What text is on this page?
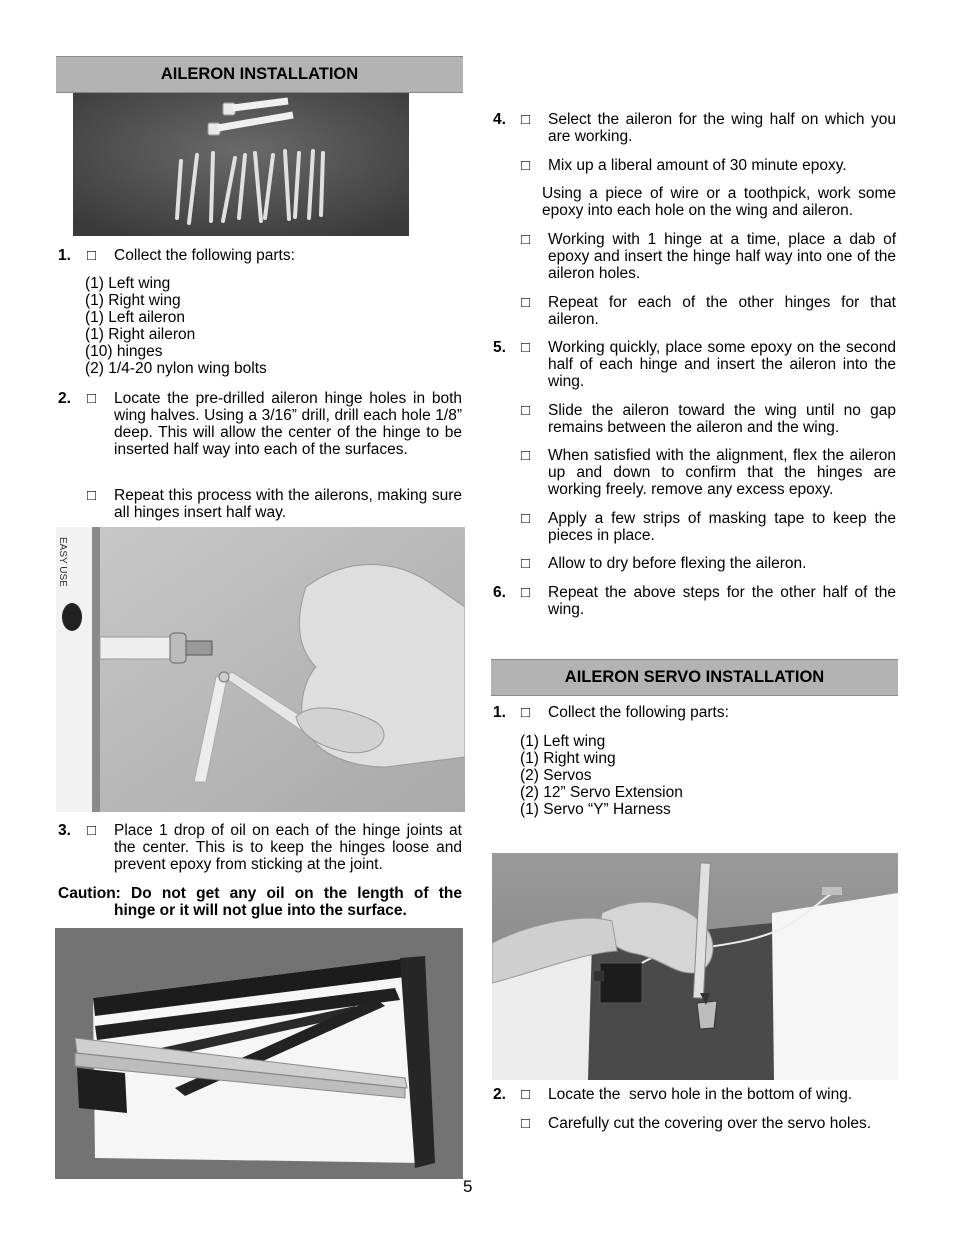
AILERON INSTALLATION
1. □ Collect the following parts:
(1) Left wing
(1) Right wing
(1) Left aileron
(1) Right aileron
(10) hinges
(2) 1/4-20 nylon wing bolts
2. □ Locate the pre-drilled aileron hinge holes in both wing halves. Using a 3/16” drill, drill each hole 1/8” deep. This will allow the center of the hinge to be inserted half way into each of the surfaces.
□ Repeat this process with the ailerons, making sure all hinges insert half way.
EASY USE
3. □ Place 1 drop of oil on each of the hinge joints at the center. This is to keep the hinges loose and prevent epoxy from sticking at the joint.
Caution: Do not get any oil on the length of the
hinge or it will not glue into the surface.
4. □ Select the aileron for the wing half on which you are working.
□ Mix up a liberal amount of 30 minute epoxy.
Using a piece of wire or a toothpick, work some epoxy into each hole on the wing and aileron.
□ Working with 1 hinge at a time, place a dab of epoxy and insert the hinge half way into one of the aileron holes.
□ Repeat for each of the other hinges for that aileron.
5. □ Working quickly, place some epoxy on the second half of each hinge and insert the aileron into the wing.
□ Slide the aileron toward the wing until no gap remains between the aileron and the wing.
□ When satisfied with the alignment, flex the aileron up and down to confirm that the hinges are working freely. remove any excess epoxy.
□ Apply a few strips of masking tape to keep the pieces in place.
□ Allow to dry before flexing the aileron.
6. □ Repeat the above steps for the other half of the wing.
AILERON SERVO INSTALLATION
1. □ Collect the following parts:
(1) Left wing
(1) Right wing
(2) Servos
(2) 12” Servo Extension
(1) Servo “Y” Harness
2. □ Locate the  servo hole in the bottom of wing.
□ Carefully cut the covering over the servo holes.
5
